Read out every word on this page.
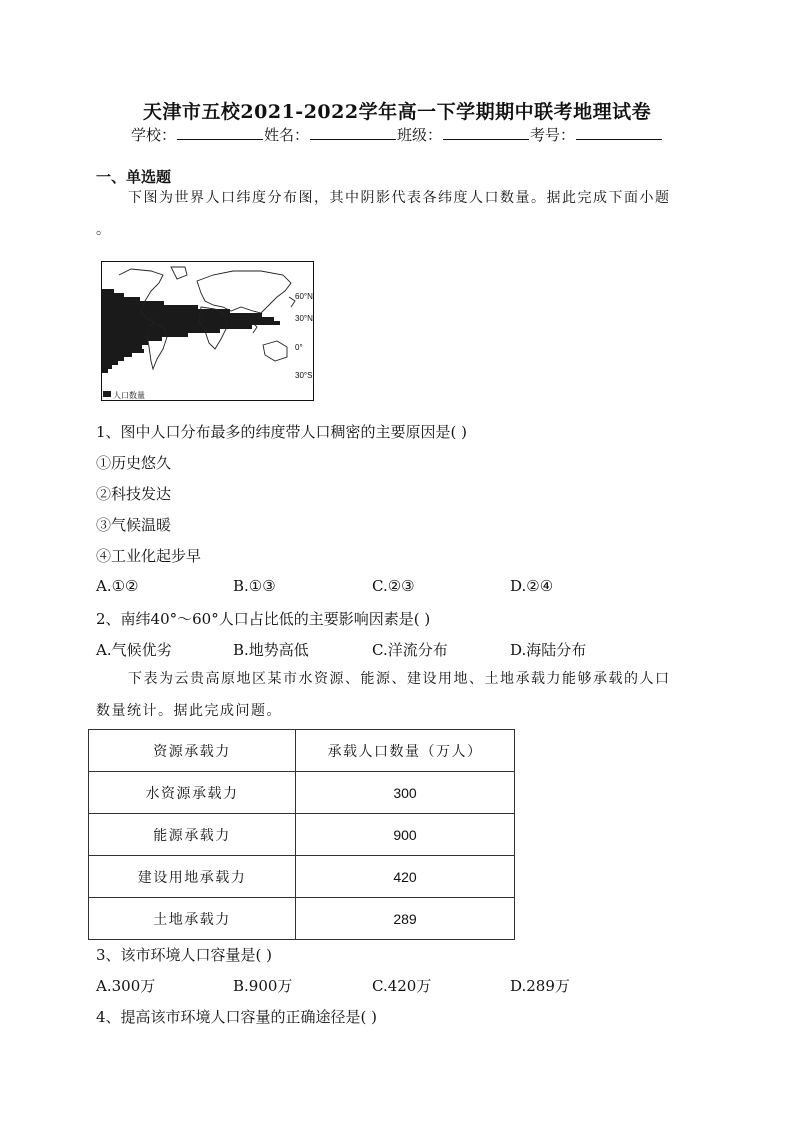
天津市五校2021-2022学年高一下学期期中联考地理试卷
学校：	姓名：	班级：	考号：
一、单选题
下图为世界人口纬度分布图，其中阴影代表各纬度人口数量。据此完成下面小题
。
60°N
30°N
0°
30°S
人口数量
1、图中人口分布最多的纬度带人口稠密的主要原因是( )
①历史悠久
②科技发达
③气候温暖
④工业化起步早
A.①②	B.①③	C.②③	D.②④
2、南纬40°～60°人口占比低的主要影响因素是( )
A.气候优劣	B.地势高低	C.洋流分布	D.海陆分布
下表为云贵高原地区某市水资源、能源、建设用地、土地承载力能够承载的人口
数量统计。据此完成问题。
资源承载力	承载人口数量（万人）
水资源承载力	300
能源承载力	900
建设用地承载力	420
土地承载力	289
3、该市环境人口容量是( )
A.300万	B.900万	C.420万	D.289万
4、提高该市环境人口容量的正确途径是( )
